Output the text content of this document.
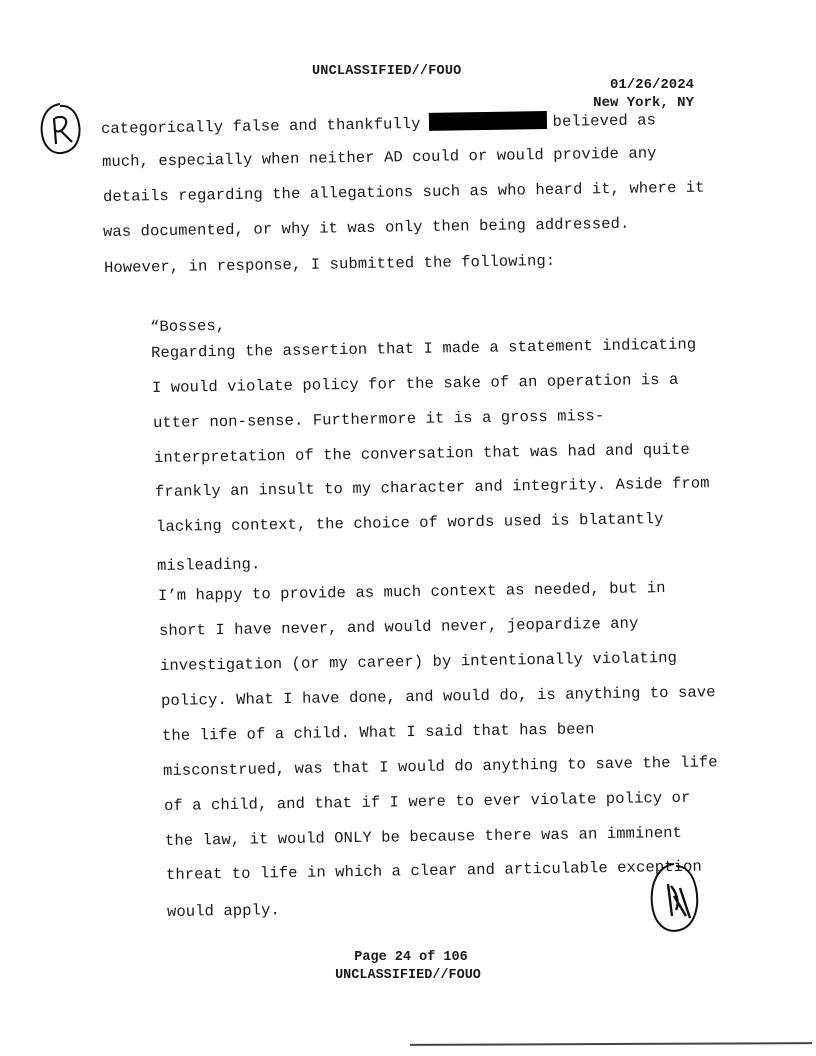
UNCLASSIFIED//FOUO
01/26/2024
New York, NY
categorically false and thankfully	believed as
much, especially when neither AD could or would provide any
details regarding the allegations such as who heard it, where it
was documented, or why it was only then being addressed.
However, in response, I submitted the following:
“Bosses,
Regarding the assertion that I made a statement indicating
I would violate policy for the sake of an operation is a
utter non-sense. Furthermore it is a gross miss-
interpretation of the conversation that was had and quite
frankly an insult to my character and integrity. Aside from
lacking context, the choice of words used is blatantly
misleading.
I’m happy to provide as much context as needed, but in
short I have never, and would never, jeopardize any
investigation (or my career) by intentionally violating
policy. What I have done, and would do, is anything to save
the life of a child. What I said that has been
misconstrued, was that I would do anything to save the life
of a child, and that if I were to ever violate policy or
the law, it would ONLY be because there was an imminent
threat to life in which a clear and articulable exception
would apply.
Page 24 of 106
UNCLASSIFIED//FOUO
